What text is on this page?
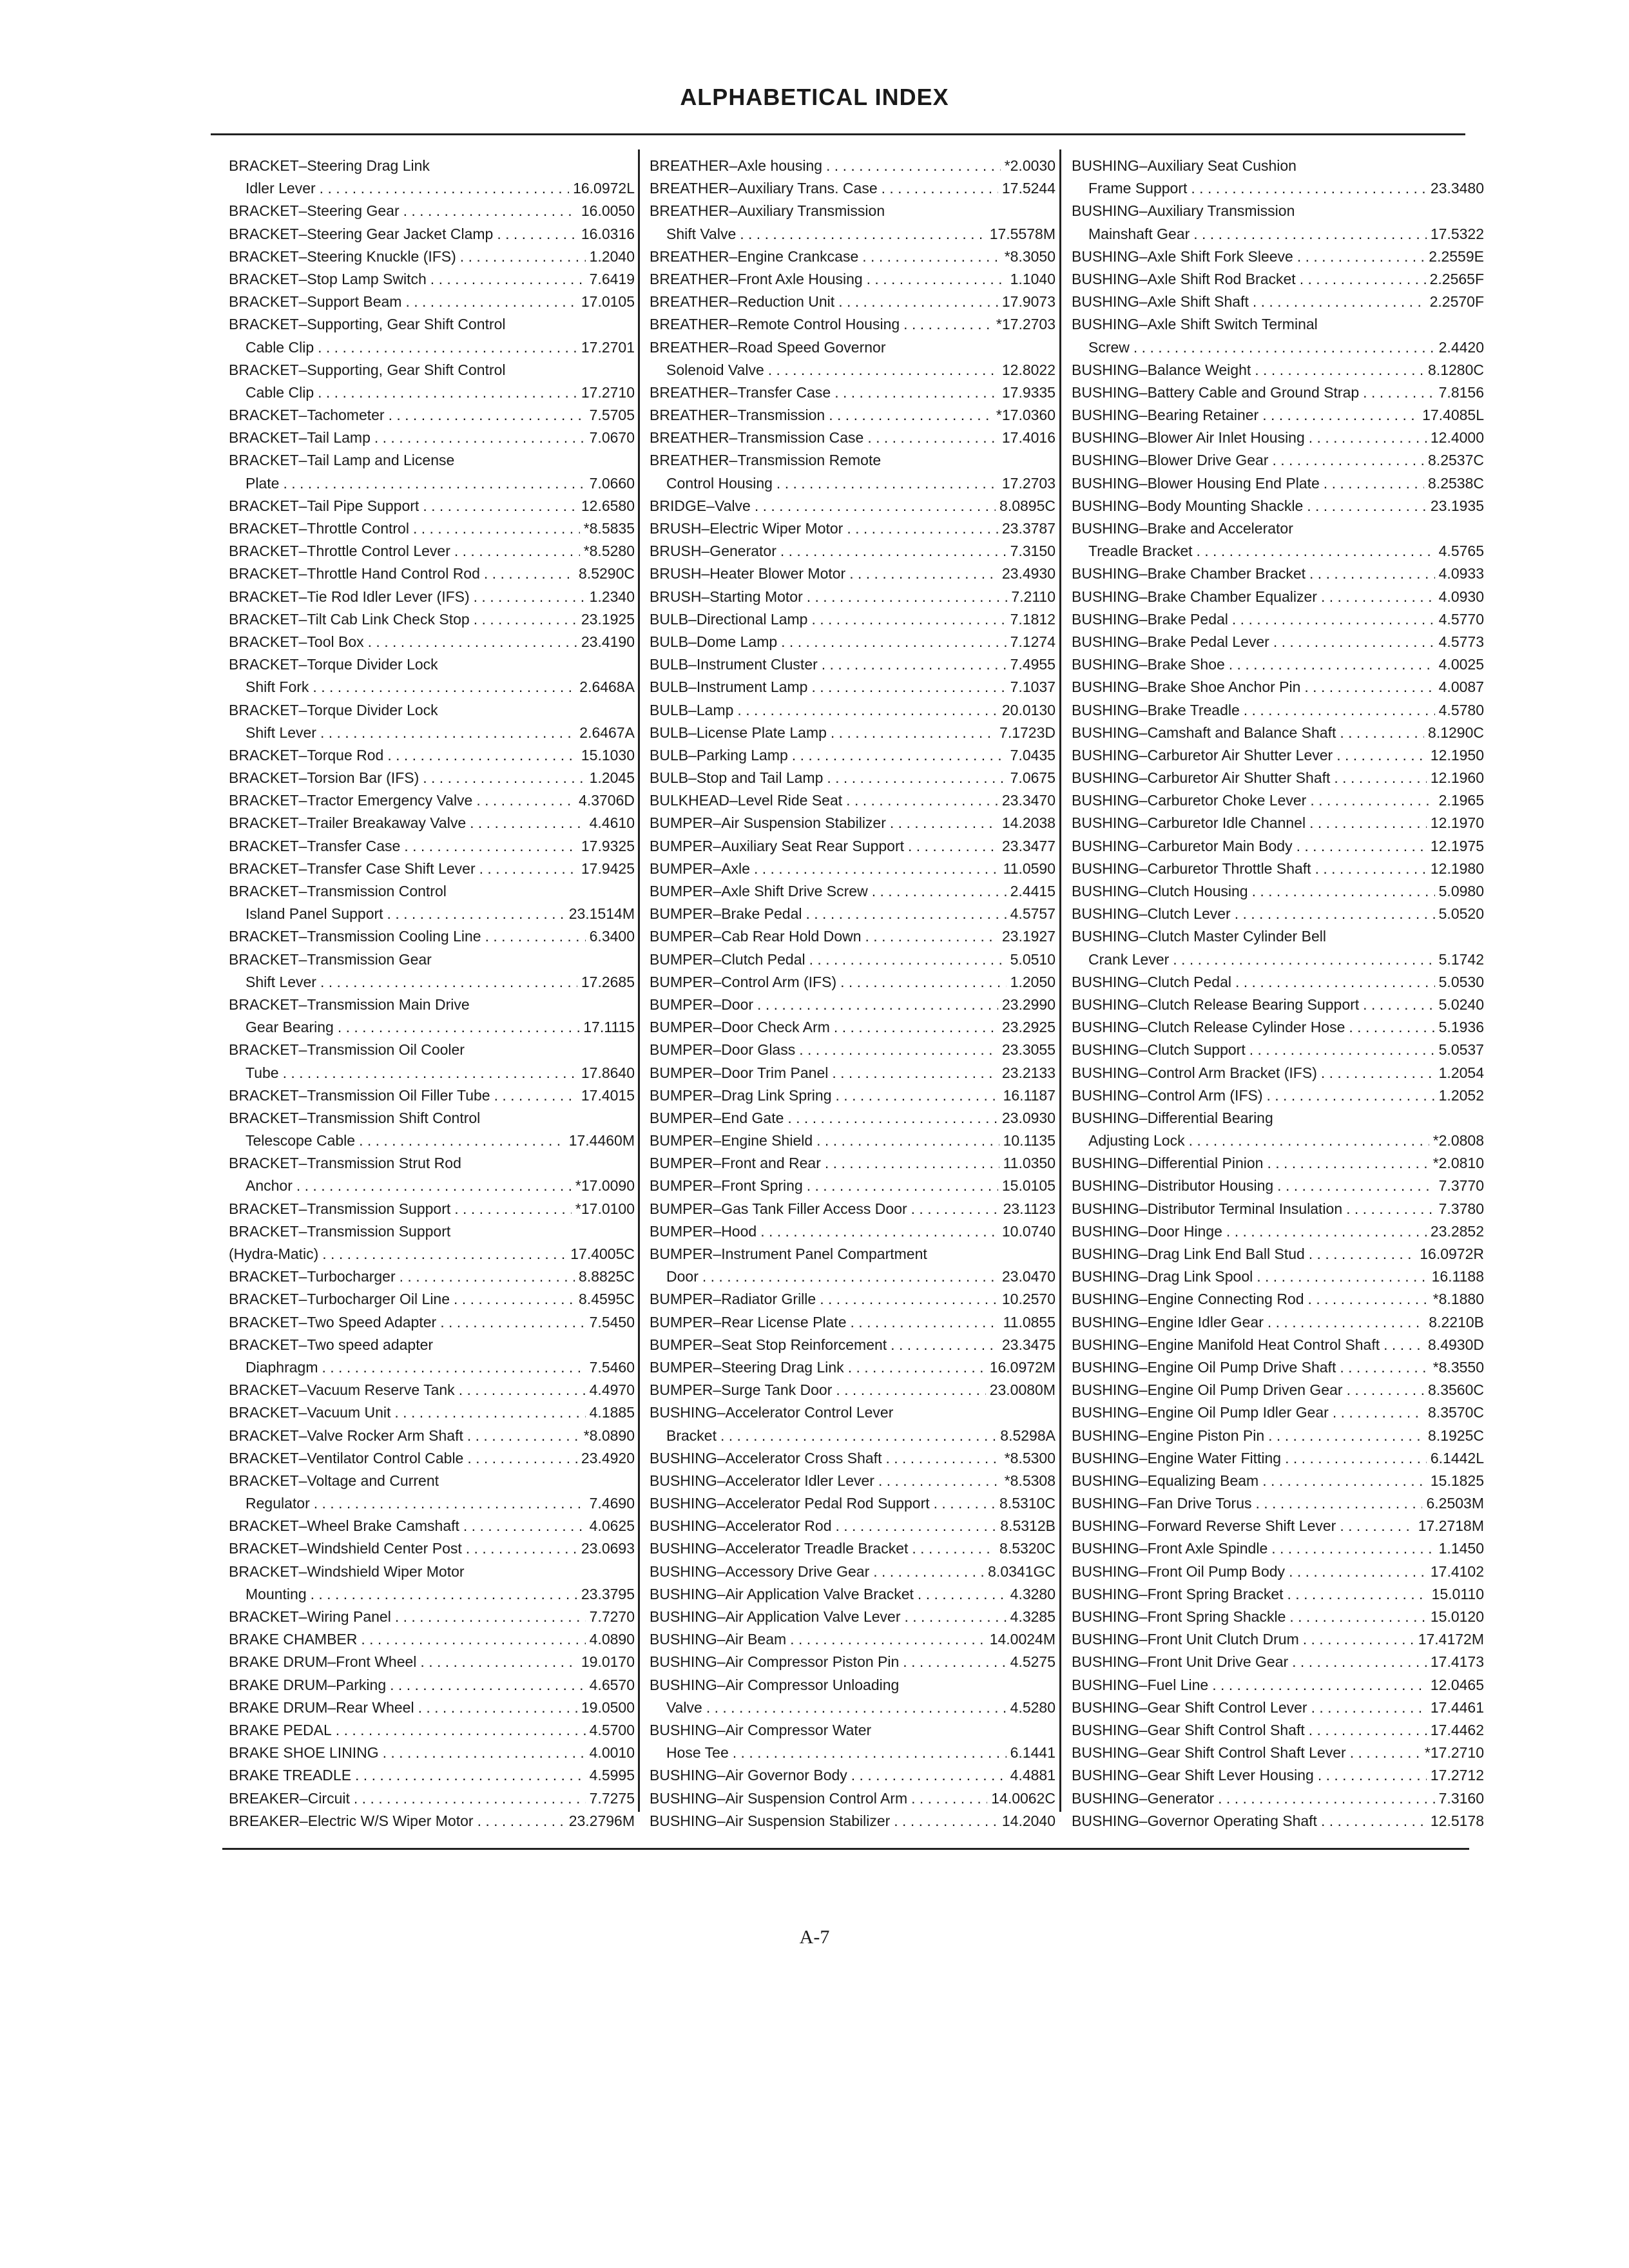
ALPHABETICAL INDEX
BRACKET–Steering Drag Link
Idler Lever . . .	16.0972L
BRACKET–Steering Gear . . .	16.0050
BRACKET–Steering Gear Jacket Clamp . . .	16.0316
BRACKET–Steering Knuckle (IFS) . . .	1.2040
BRACKET–Stop Lamp Switch . . .	7.6419
BRACKET–Support Beam . . .	17.0105
BRACKET–Supporting, Gear Shift Control
Cable Clip . . .	17.2701
BRACKET–Supporting, Gear Shift Control
Cable Clip . . .	17.2710
BRACKET–Tachometer . . .	7.5705
BRACKET–Tail Lamp . . .	7.0670
BRACKET–Tail Lamp and License
Plate . . .	7.0660
BRACKET–Tail Pipe Support . . .	12.6580
BRACKET–Throttle Control . . .	*8.5835
BRACKET–Throttle Control Lever . . .	*8.5280
BRACKET–Throttle Hand Control Rod . . .	8.5290C
BRACKET–Tie Rod Idler Lever (IFS) . . .	1.2340
BRACKET–Tilt Cab Link Check Stop . . .	23.1925
BRACKET–Tool Box . . .	23.4190
BRACKET–Torque Divider Lock
Shift Fork . . .	2.6468A
BRACKET–Torque Divider Lock
Shift Lever . . .	2.6467A
BRACKET–Torque Rod . . .	15.1030
BRACKET–Torsion Bar (IFS) . . .	1.2045
BRACKET–Tractor Emergency Valve . . .	4.3706D
BRACKET–Trailer Breakaway Valve . . .	4.4610
BRACKET–Transfer Case . . .	17.9325
BRACKET–Transfer Case Shift Lever . . .	17.9425
BRACKET–Transmission Control
Island Panel Support . . .	23.1514M
BRACKET–Transmission Cooling Line . . .	6.3400
BRACKET–Transmission Gear
Shift Lever . . .	17.2685
BRACKET–Transmission Main Drive
Gear Bearing . . .	17.1115
BRACKET–Transmission Oil Cooler
Tube . . .	17.8640
BRACKET–Transmission Oil Filler Tube . . .	17.4015
BRACKET–Transmission Shift Control
Telescope Cable . . .	17.4460M
BRACKET–Transmission Strut Rod
Anchor . . .	*17.0090
BRACKET–Transmission Support . . .	*17.0100
BRACKET–Transmission Support
(Hydra-Matic) . . .	17.4005C
BRACKET–Turbocharger . . .	8.8825C
BRACKET–Turbocharger Oil Line . . .	8.4595C
BRACKET–Two Speed Adapter . . .	7.5450
BRACKET–Two speed adapter
Diaphragm . . .	7.5460
BRACKET–Vacuum Reserve Tank . . .	4.4970
BRACKET–Vacuum Unit . . .	4.1885
BRACKET–Valve Rocker Arm Shaft . . .	*8.0890
BRACKET–Ventilator Control Cable . . .	23.4920
BRACKET–Voltage and Current
Regulator . . .	7.4690
BRACKET–Wheel Brake Camshaft . . .	4.0625
BRACKET–Windshield Center Post . . .	23.0693
BRACKET–Windshield Wiper Motor
Mounting . . .	23.3795
BRACKET–Wiring Panel . . .	7.7270
BRAKE CHAMBER . . .	4.0890
BRAKE DRUM–Front Wheel . . .	19.0170
BRAKE DRUM–Parking . . .	4.6570
BRAKE DRUM–Rear Wheel . . .	19.0500
BRAKE PEDAL . . .	4.5700
BRAKE SHOE LINING . . .	4.0010
BRAKE TREADLE . . .	4.5995
BREAKER–Circuit . . .	7.7275
BREAKER–Electric W/S Wiper Motor . . .	23.2796M
BREATHER–Axle housing . . .	*2.0030
BREATHER–Auxiliary Trans. Case . . .	17.5244
BREATHER–Auxiliary Transmission
Shift Valve . . .	17.5578M
BREATHER–Engine Crankcase . . .	*8.3050
BREATHER–Front Axle Housing . . .	1.1040
BREATHER–Reduction Unit . . .	17.9073
BREATHER–Remote Control Housing . . .	*17.2703
BREATHER–Road Speed Governor
Solenoid Valve . . .	12.8022
BREATHER–Transfer Case . . .	17.9335
BREATHER–Transmission . . .	*17.0360
BREATHER–Transmission Case . . .	17.4016
BREATHER–Transmission Remote
Control Housing . . .	17.2703
BRIDGE–Valve . . .	8.0895C
BRUSH–Electric Wiper Motor . . .	23.3787
BRUSH–Generator . . .	7.3150
BRUSH–Heater Blower Motor . . .	23.4930
BRUSH–Starting Motor . . .	7.2110
BULB–Directional Lamp . . .	7.1812
BULB–Dome Lamp . . .	7.1274
BULB–Instrument Cluster . . .	7.4955
BULB–Instrument Lamp . . .	7.1037
BULB–Lamp . . .	20.0130
BULB–License Plate Lamp . . .	7.1723D
BULB–Parking Lamp . . .	7.0435
BULB–Stop and Tail Lamp . . .	7.0675
BULKHEAD–Level Ride Seat . . .	23.3470
BUMPER–Air Suspension Stabilizer . . .	14.2038
BUMPER–Auxiliary Seat Rear Support . . .	23.3477
BUMPER–Axle . . .	11.0590
BUMPER–Axle Shift Drive Screw . . .	2.4415
BUMPER–Brake Pedal . . .	4.5757
BUMPER–Cab Rear Hold Down . . .	23.1927
BUMPER–Clutch Pedal . . .	5.0510
BUMPER–Control Arm (IFS) . . .	1.2050
BUMPER–Door . . .	23.2990
BUMPER–Door Check Arm . . .	23.2925
BUMPER–Door Glass . . .	23.3055
BUMPER–Door Trim Panel . . .	23.2133
BUMPER–Drag Link Spring . . .	16.1187
BUMPER–End Gate . . .	23.0930
BUMPER–Engine Shield . . .	10.1135
BUMPER–Front and Rear . . .	11.0350
BUMPER–Front Spring . . .	15.0105
BUMPER–Gas Tank Filler Access Door . . .	23.1123
BUMPER–Hood . . .	10.0740
BUMPER–Instrument Panel Compartment
Door . . .	23.0470
BUMPER–Radiator Grille . . .	10.2570
BUMPER–Rear License Plate . . .	11.0855
BUMPER–Seat Stop Reinforcement . . .	23.3475
BUMPER–Steering Drag Link . . .	16.0972M
BUMPER–Surge Tank Door . . .	23.0080M
BUSHING–Accelerator Control Lever
Bracket . . .	8.5298A
BUSHING–Accelerator Cross Shaft . . .	*8.5300
BUSHING–Accelerator Idler Lever . . .	*8.5308
BUSHING–Accelerator Pedal Rod Support . . .	8.5310C
BUSHING–Accelerator Rod . . .	8.5312B
BUSHING–Accelerator Treadle Bracket . . .	8.5320C
BUSHING–Accessory Drive Gear . . .	8.0341GC
BUSHING–Air Application Valve Bracket . . .	4.3280
BUSHING–Air Application Valve Lever . . .	4.3285
BUSHING–Air Beam . . .	14.0024M
BUSHING–Air Compressor Piston Pin . . .	4.5275
BUSHING–Air Compressor Unloading
Valve . . .	4.5280
BUSHING–Air Compressor Water
Hose Tee . . .	6.1441
BUSHING–Air Governor Body . . .	4.4881
BUSHING–Air Suspension Control Arm . . .	14.0062C
BUSHING–Air Suspension Stabilizer . . .	14.2040
BUSHING–Auxiliary Seat Cushion
Frame Support . . .	23.3480
BUSHING–Auxiliary Transmission
Mainshaft Gear . . .	17.5322
BUSHING–Axle Shift Fork Sleeve . . .	2.2559E
BUSHING–Axle Shift Rod Bracket . . .	2.2565F
BUSHING–Axle Shift Shaft . . .	2.2570F
BUSHING–Axle Shift Switch Terminal
Screw . . .	2.4420
BUSHING–Balance Weight . . .	8.1280C
BUSHING–Battery Cable and Ground Strap . . .	7.8156
BUSHING–Bearing Retainer . . .	17.4085L
BUSHING–Blower Air Inlet Housing . . .	12.4000
BUSHING–Blower Drive Gear . . .	8.2537C
BUSHING–Blower Housing End Plate . . .	8.2538C
BUSHING–Body Mounting Shackle . . .	23.1935
BUSHING–Brake and Accelerator
Treadle Bracket . . .	4.5765
BUSHING–Brake Chamber Bracket . . .	4.0933
BUSHING–Brake Chamber Equalizer . . .	4.0930
BUSHING–Brake Pedal . . .	4.5770
BUSHING–Brake Pedal Lever . . .	4.5773
BUSHING–Brake Shoe . . .	4.0025
BUSHING–Brake Shoe Anchor Pin . . .	4.0087
BUSHING–Brake Treadle . . .	4.5780
BUSHING–Camshaft and Balance Shaft . . .	8.1290C
BUSHING–Carburetor Air Shutter Lever . . .	12.1950
BUSHING–Carburetor Air Shutter Shaft . . .	12.1960
BUSHING–Carburetor Choke Lever . . .	2.1965
BUSHING–Carburetor Idle Channel . . .	12.1970
BUSHING–Carburetor Main Body . . .	12.1975
BUSHING–Carburetor Throttle Shaft . . .	12.1980
BUSHING–Clutch Housing . . .	5.0980
BUSHING–Clutch Lever . . .	5.0520
BUSHING–Clutch Master Cylinder Bell
Crank Lever . . .	5.1742
BUSHING–Clutch Pedal . . .	5.0530
BUSHING–Clutch Release Bearing Support . . .	5.0240
BUSHING–Clutch Release Cylinder Hose . . .	5.1936
BUSHING–Clutch Support . . .	5.0537
BUSHING–Control Arm Bracket (IFS) . . .	1.2054
BUSHING–Control Arm (IFS) . . .	1.2052
BUSHING–Differential Bearing
Adjusting Lock . . .	*2.0808
BUSHING–Differential Pinion . . .	*2.0810
BUSHING–Distributor Housing . . .	7.3770
BUSHING–Distributor Terminal Insulation . . .	7.3780
BUSHING–Door Hinge . . .	23.2852
BUSHING–Drag Link End Ball Stud . . .	16.0972R
BUSHING–Drag Link Spool . . .	16.1188
BUSHING–Engine Connecting Rod . . .	*8.1880
BUSHING–Engine Idler Gear . . .	8.2210B
BUSHING–Engine Manifold Heat Control Shaft . . .	8.4930D
BUSHING–Engine Oil Pump Drive Shaft . . .	*8.3550
BUSHING–Engine Oil Pump Driven Gear . . .	8.3560C
BUSHING–Engine Oil Pump Idler Gear . . .	8.3570C
BUSHING–Engine Piston Pin . . .	8.1925C
BUSHING–Engine Water Fitting . . .	6.1442L
BUSHING–Equalizing Beam . . .	15.1825
BUSHING–Fan Drive Torus . . .	6.2503M
BUSHING–Forward Reverse Shift Lever . . .	17.2718M
BUSHING–Front Axle Spindle . . .	1.1450
BUSHING–Front Oil Pump Body . . .	17.4102
BUSHING–Front Spring Bracket . . .	15.0110
BUSHING–Front Spring Shackle . . .	15.0120
BUSHING–Front Unit Clutch Drum . . .	17.4172M
BUSHING–Front Unit Drive Gear . . .	17.4173
BUSHING–Fuel Line . . .	12.0465
BUSHING–Gear Shift Control Lever . . .	17.4461
BUSHING–Gear Shift Control Shaft . . .	17.4462
BUSHING–Gear Shift Control Shaft Lever . . .	*17.2710
BUSHING–Gear Shift Lever Housing . . .	17.2712
BUSHING–Generator . . .	7.3160
BUSHING–Governor Operating Shaft . . .	12.5178
A-7
